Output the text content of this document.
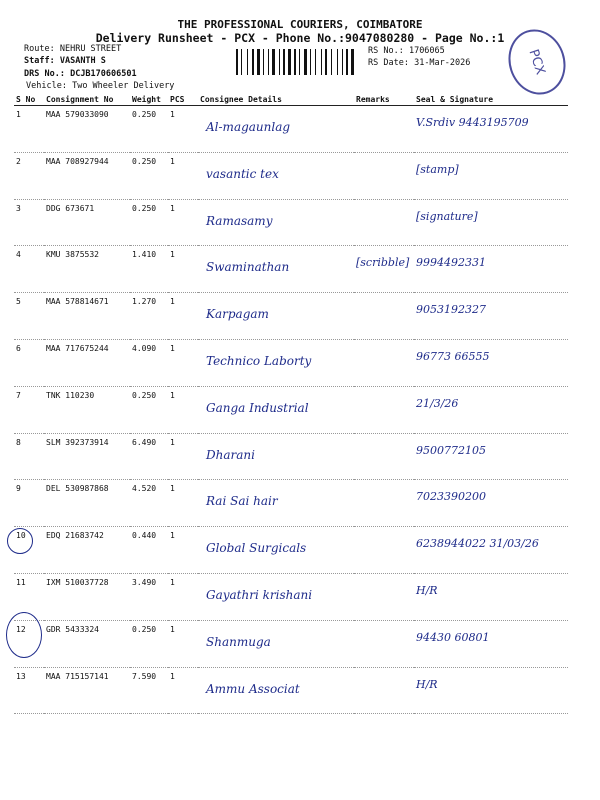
THE PROFESSIONAL COURIERS, COIMBATORE
Delivery Runsheet - PCX - Phone No.:9047080280 - Page No.:1
Route: NEHRU STREET
Staff: VASANTH S
DRS No.: DCJB170606501
Vehicle: Two Wheeler Delivery
RS No.: 1706065
RS Date: 31-Mar-2026	PCX
S No	Consignment No	Weight	PCS	Consignee Details	Remarks	Seal & Signature
1	MAA 579033090	0.250	1	Al-magaunlag		V.Srdiv 9443195709
2	MAA 708927944	0.250	1	vasantic tex		[stamp]
3	DDG 673671	0.250	1	Ramasamy		[signature]
4	KMU 3875532	1.410	1	Swaminathan	[scribble]	9994492331
5	MAA 578814671	1.270	1	Karpagam		9053192327
6	MAA 717675244	4.090	1	Technico Laborty		96773 66555
7	TNK 110230	0.250	1	Ganga Industrial		21/3/26
8	SLM 392373914	6.490	1	Dharani		9500772105
9	DEL 530987868	4.520	1	Rai Sai hair		7023390200
10	EDQ 21683742	0.440	1	Global Surgicals		6238944022 31/03/26
11	IXM 510037728	3.490	1	Gayathri krishani		H/R
12	GDR 5433324	0.250	1	Shanmuga		94430 60801
13	MAA 715157141	7.590	1	Ammu Associat		H/R
